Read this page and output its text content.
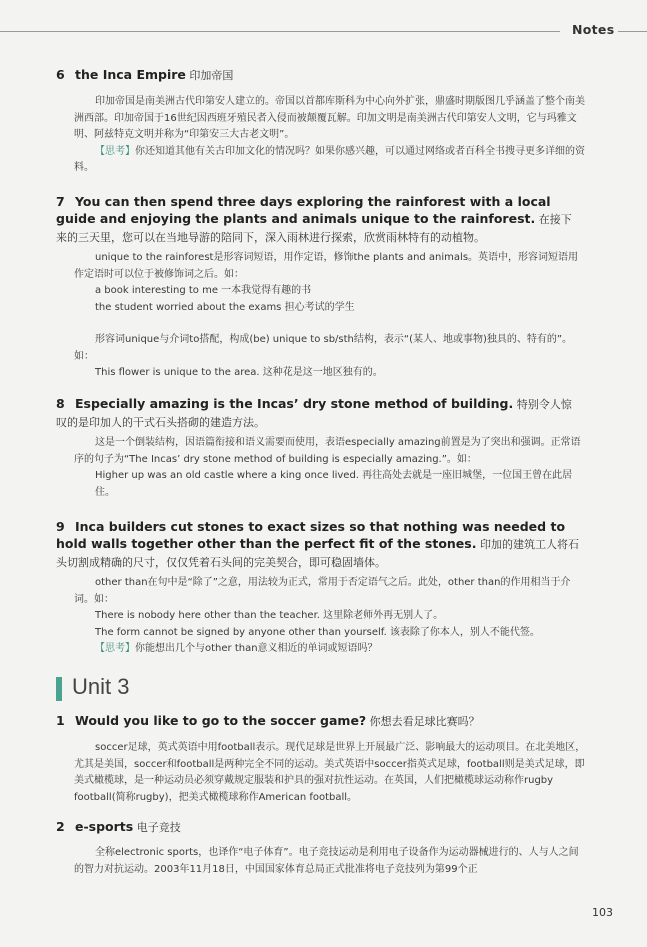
Notes
6 the Inca Empire 印加帝国

印加帝国是南美洲古代印第安人建立的。帝国以首都库斯科为中心向外扩张，鼎盛时期版图几乎涵盖了整个南美洲西部。印加帝国于16世纪因西班牙殖民者入侵而被颠覆瓦解。印加文明是南美洲古代印第安人文明，它与玛雅文明、阿兹特克文明并称为“印第安三大古老文明”。

【思考】你还知道其他有关古印加文化的情况吗？如果你感兴趣，可以通过网络或者百科全书搜寻更多详细的资料。

7 You can then spend three days exploring the rainforest with a local guide and enjoying the plants and animals unique to the rainforest. 在接下来的三天里，您可以在当地导游的陪同下，深入雨林进行探索，欣赏雨林特有的动植物。

unique to the rainforest是形容词短语，用作定语，修饰the plants and animals。英语中，形容词短语用作定语时可以位于被修饰词之后。如：

a book interesting to me 一本我觉得有趣的书

the student worried about the exams 担心考试的学生

形容词unique与介词to搭配，构成(be) unique to sb/sth结构，表示“(某人、地或事物)独具的、特有的”。如：

This flower is unique to the area. 这种花是这一地区独有的。

8 Especially amazing is the Incas’ dry stone method of building. 特别令人惊叹的是印加人的干式石头搭砌的建造方法。

这是一个倒装结构，因语篇衔接和语义需要而使用，表语especially amazing前置是为了突出和强调。正常语序的句子为“The Incas’ dry stone method of building is especially amazing.”。如：

Higher up was an old castle where a king once lived. 再往高处去就是一座旧城堡，一位国王曾在此居住。

9 Inca builders cut stones to exact sizes so that nothing was needed to hold walls together other than the perfect fit of the stones. 印加的建筑工人将石头切割成精确的尺寸，仅仅凭着石头间的完美契合，即可稳固墙体。

other than在句中是“除了”之意，用法较为正式，常用于否定语气之后。此处，other than的作用相当于介词。如：

There is nobody here other than the teacher. 这里除老师外再无别人了。

The form cannot be signed by anyone other than yourself. 该表除了你本人，别人不能代签。

【思考】你能想出几个与other than意义相近的单词或短语吗？

Unit 3
1 Would you like to go to the soccer game? 你想去看足球比赛吗？

soccer足球，英式英语中用football表示。现代足球是世界上开展最广泛、影响最大的运动项目。在北美地区，尤其是美国，soccer和football是两种完全不同的运动。美式英语中soccer指英式足球，football则是美式足球，即美式橄榄球，是一种运动员必须穿戴规定服装和护具的强对抗性运动。在英国，人们把橄榄球运动称作rugby football(简称rugby)，把美式橄榄球称作American football。

2 e-sports 电子竞技

全称electronic sports，也译作“电子体育”。电子竞技运动是利用电子设备作为运动器械进行的、人与人之间的智力对抗运动。2003年11月18日，中国国家体育总局正式批准将电子竞技列为第99个正

103
